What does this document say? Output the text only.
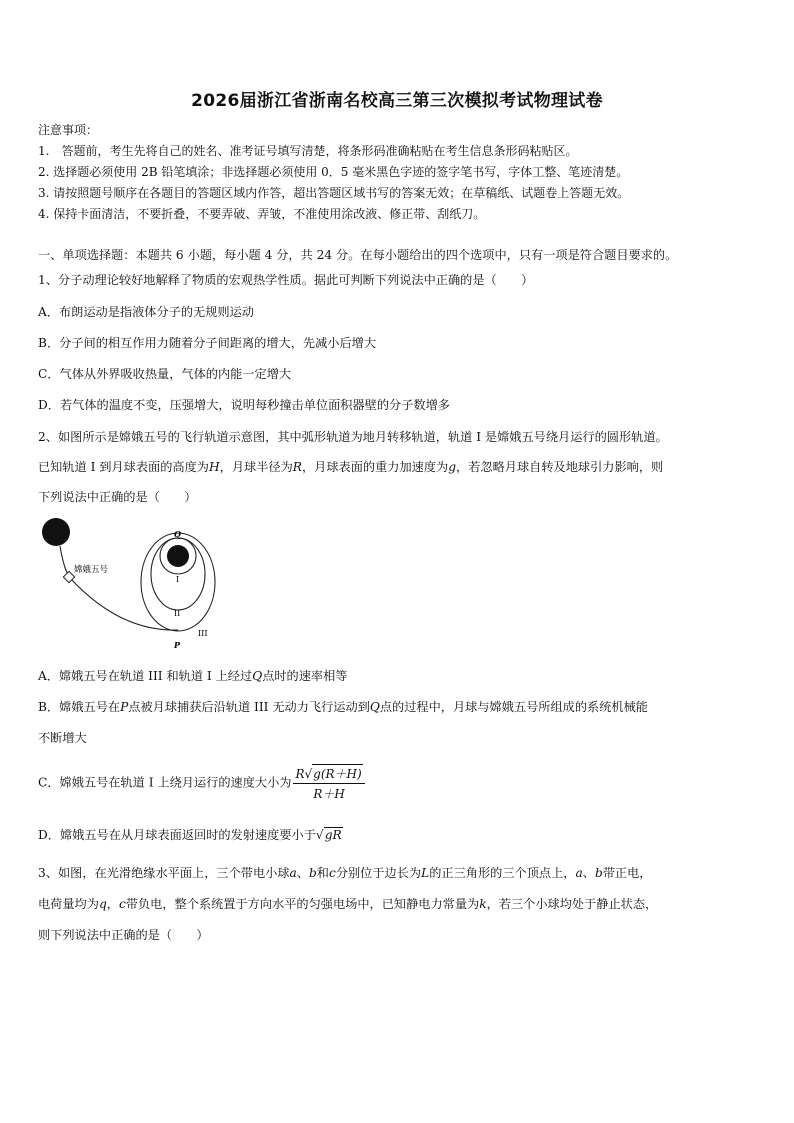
2026届浙江省浙南名校高三第三次模拟考试物理试卷
注意事项：
1.　答题前，考生先将自己的姓名、准考证号填写清楚，将条形码准确粘贴在考生信息条形码粘贴区。
2. 选择题必须使用 2B 铅笔填涂；非选择题必须使用 0．5 毫米黑色字迹的签字笔书写，字体工整、笔迹清楚。
3. 请按照题号顺序在各题目的答题区域内作答，超出答题区域书写的答案无效；在草稿纸、试题卷上答题无效。
4. 保持卡面清洁，不要折叠，不要弄破、弄皱，不准使用涂改液、修正带、刮纸刀。
一、单项选择题：本题共 6 小题，每小题 4 分，共 24 分。在每小题给出的四个选项中，只有一项是符合题目要求的。
1、分子动理论较好地解释了物质的宏观热学性质。据此可判断下列说法中正确的是（　　）
A．布朗运动是指液体分子的无规则运动
B．分子间的相互作用力随着分子间距离的增大，先减小后增大
C．气体从外界吸收热量，气体的内能一定增大
D．若气体的温度不变，压强增大，说明每秒撞击单位面积器壁的分子数增多
2、如图所示是嫦娥五号的飞行轨道示意图，其中弧形轨道为地月转移轨道，轨道 I 是嫦娥五号绕月运行的圆形轨道。
已知轨道 I 到月球表面的高度为H，月球半径为R，月球表面的重力加速度为g，若忽略月球自转及地球引力影响，则
下列说法中正确的是（　　）
嫦娥五号
Q
I
II
III
P
A．嫦娥五号在轨道 III 和轨道 I 上经过Q点时的速率相等
B．嫦娥五号在P点被月球捕获后沿轨道 III 无动力飞行运动到Q点的过程中，月球与嫦娥五号所组成的系统机械能
不断增大
C．嫦娥五号在轨道 I 上绕月运行的速度大小为 $\frac{R√g(R+H)}{R+H}$
D．嫦娥五号在从月球表面返回时的发射速度要小于√gR
3、如图，在光滑绝缘水平面上，三个带电小球a、b和c分别位于边长为L的正三角形的三个顶点上，a、b带正电，
电荷量均为q，c带负电，整个系统置于方向水平的匀强电场中，已知静电力常量为k，若三个小球均处于静止状态，
则下列说法中正确的是（　　）
